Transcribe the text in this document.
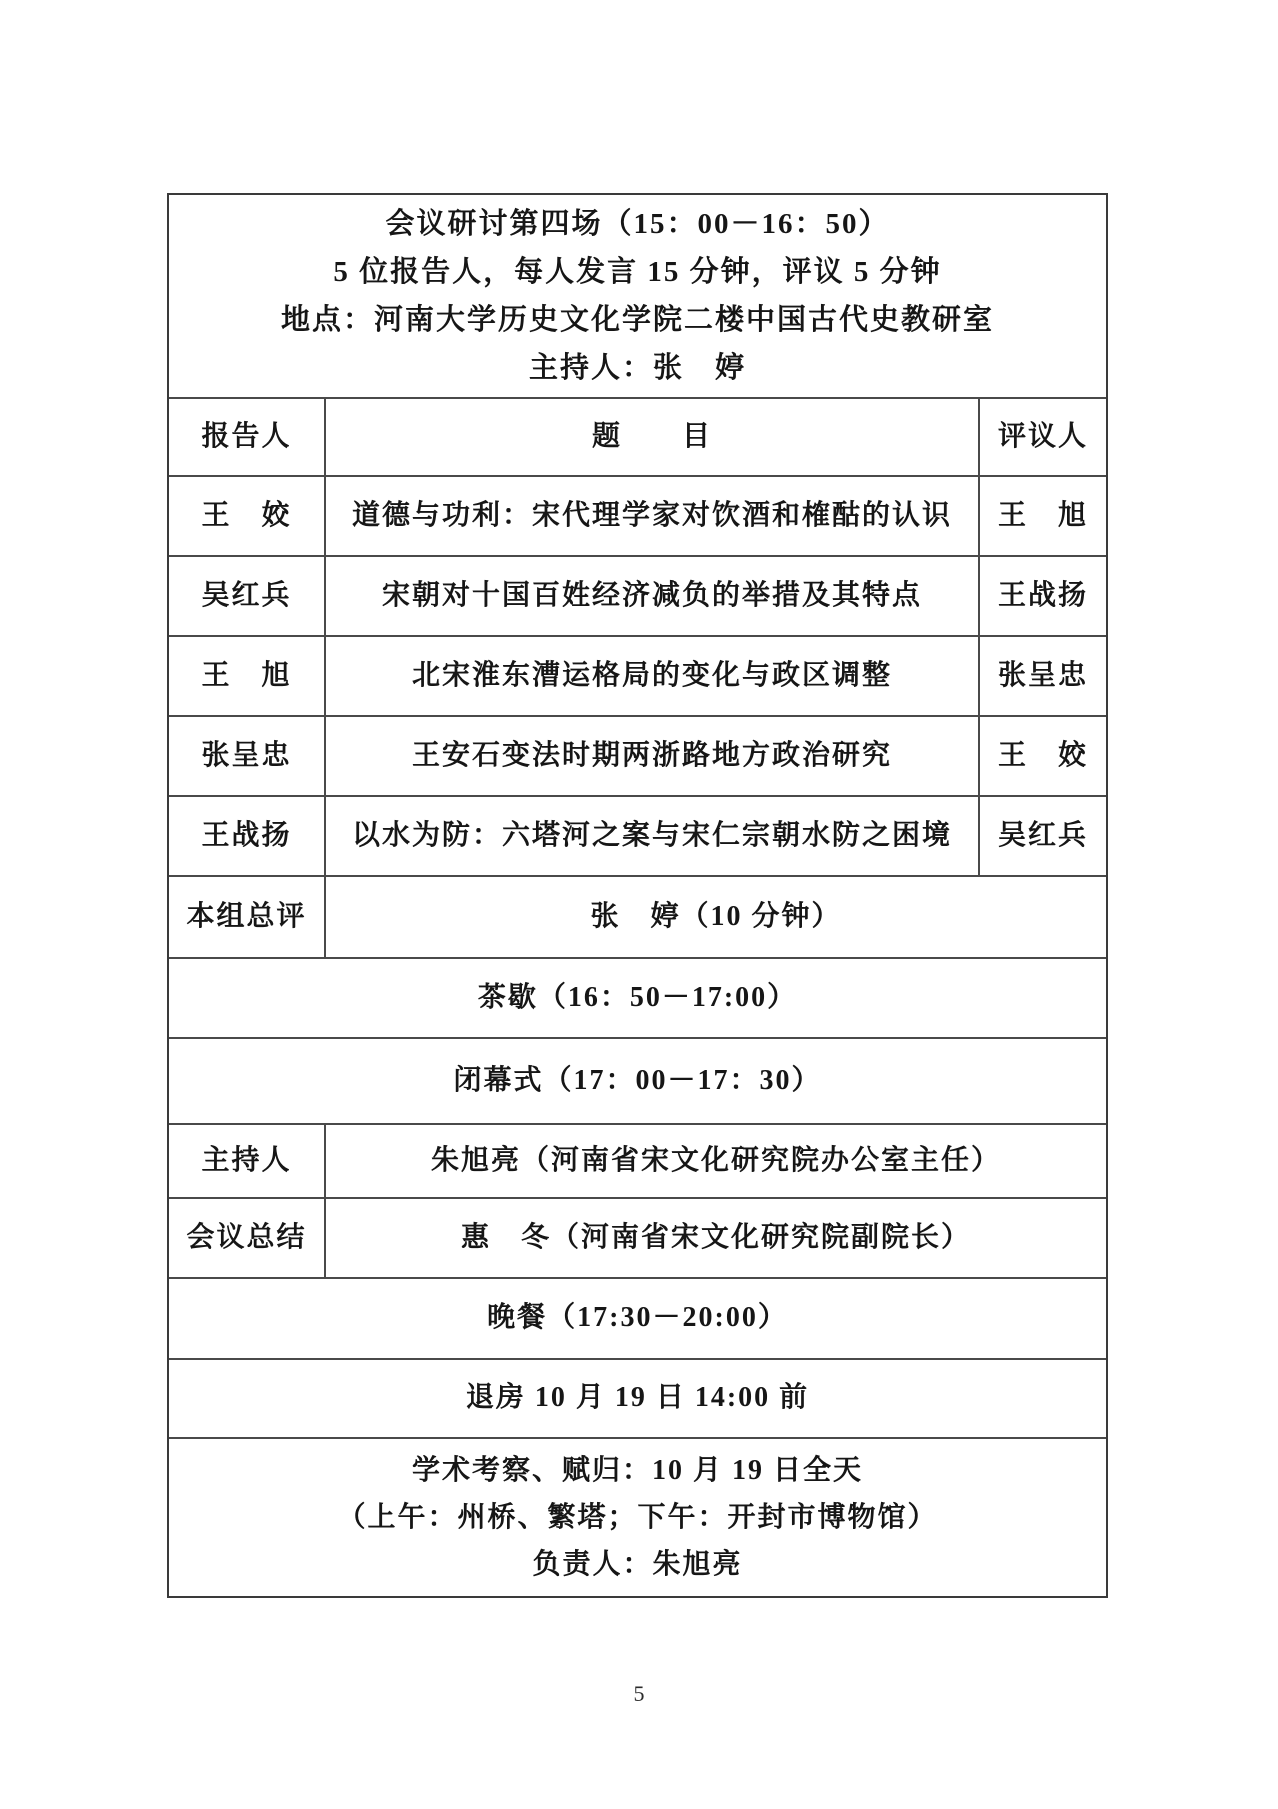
会议研讨第四场（15：00－16：50）
5 位报告人，每人发言 15 分钟，评议 5 分钟
地点：河南大学历史文化学院二楼中国古代史教研室
主持人：张　婷
报告人	题　　目	评议人
王　姣	道德与功利：宋代理学家对饮酒和榷酤的认识	王　旭
吴红兵	宋朝对十国百姓经济减负的举措及其特点	王战扬
王　旭	北宋淮东漕运格局的变化与政区调整	张呈忠
张呈忠	王安石变法时期两浙路地方政治研究	王　姣
王战扬	以水为防：六塔河之案与宋仁宗朝水防之困境	吴红兵
本组总评	张　婷（10 分钟）
茶歇（16：50－17:00）
闭幕式（17：00－17：30）
主持人	朱旭亮（河南省宋文化研究院办公室主任）
会议总结	惠　冬（河南省宋文化研究院副院长）
晚餐（17:30－20:00）
退房 10 月 19 日 14:00 前
学术考察、赋归：10 月 19 日全天
（上午：州桥、繁塔；下午：开封市博物馆）
负责人：朱旭亮
5
